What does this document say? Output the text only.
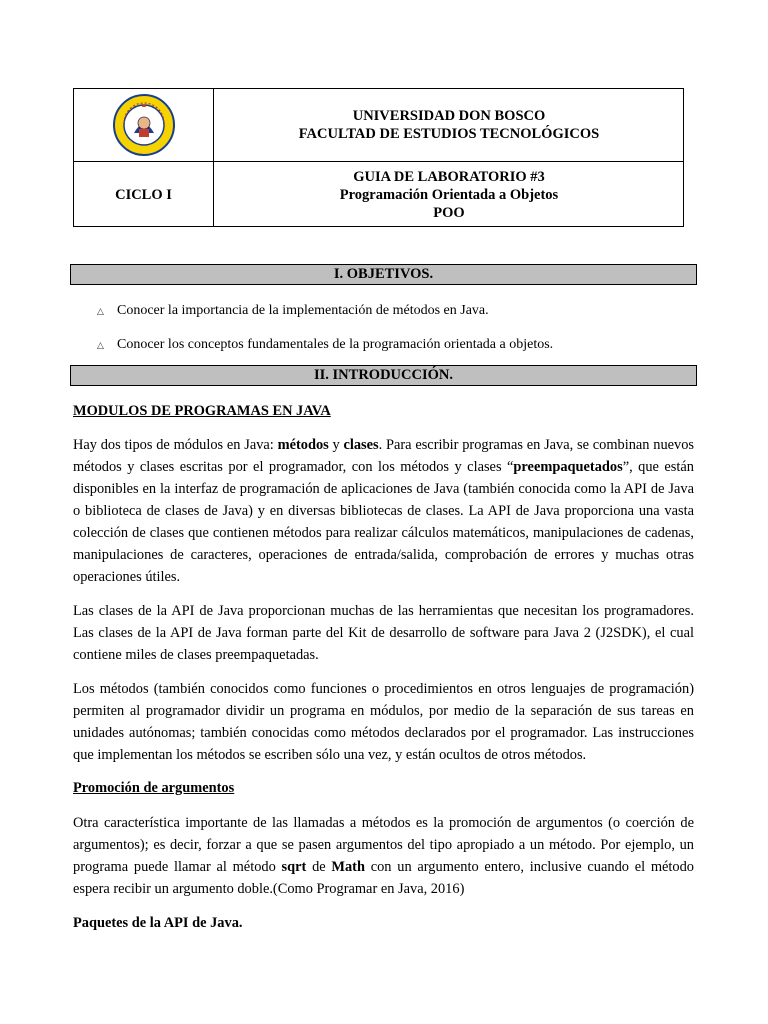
UNIVERSIDAD DON BOSCO
FACULTAD DE ESTUDIOS TECNOLÓGICOS
CICLO I
GUIA DE LABORATORIO #3
Programación Orientada a Objetos
POO
I. OBJETIVOS.
△ Conocer la importancia de la implementación de métodos en Java.
△ Conocer los conceptos fundamentales de la programación orientada a objetos.
II. INTRODUCCIÓN.
MODULOS DE PROGRAMAS EN JAVA
Hay dos tipos de módulos en Java: métodos y clases. Para escribir programas en Java, se combinan nuevos métodos y clases escritas por el programador, con los métodos y clases “preempaquetados”, que están disponibles en la interfaz de programación de aplicaciones de Java (también conocida como la API de Java o biblioteca de clases de Java) y en diversas bibliotecas de clases. La API de Java proporciona una vasta colección de clases que contienen métodos para realizar cálculos matemáticos, manipulaciones de cadenas, manipulaciones de caracteres, operaciones de entrada/salida, comprobación de errores y muchas otras operaciones útiles.
Las clases de la API de Java proporcionan muchas de las herramientas que necesitan los programadores. Las clases de la API de Java forman parte del Kit de desarrollo de software para Java 2 (J2SDK), el cual contiene miles de clases preempaquetadas.
Los métodos (también conocidos como funciones o procedimientos en otros lenguajes de programación) permiten al programador dividir un programa en módulos, por medio de la separación de sus tareas en unidades autónomas; también conocidas como métodos declarados por el programador. Las instrucciones que implementan los métodos se escriben sólo una vez, y están ocultos de otros métodos.
Promoción de argumentos
Otra característica importante de las llamadas a métodos es la promoción de argumentos (o coerción de argumentos); es decir, forzar a que se pasen argumentos del tipo apropiado a un método. Por ejemplo, un programa puede llamar al método sqrt de Math con un argumento entero, inclusive cuando el método espera recibir un argumento doble.(Como Programar en Java, 2016)
Paquetes de la API de Java.
